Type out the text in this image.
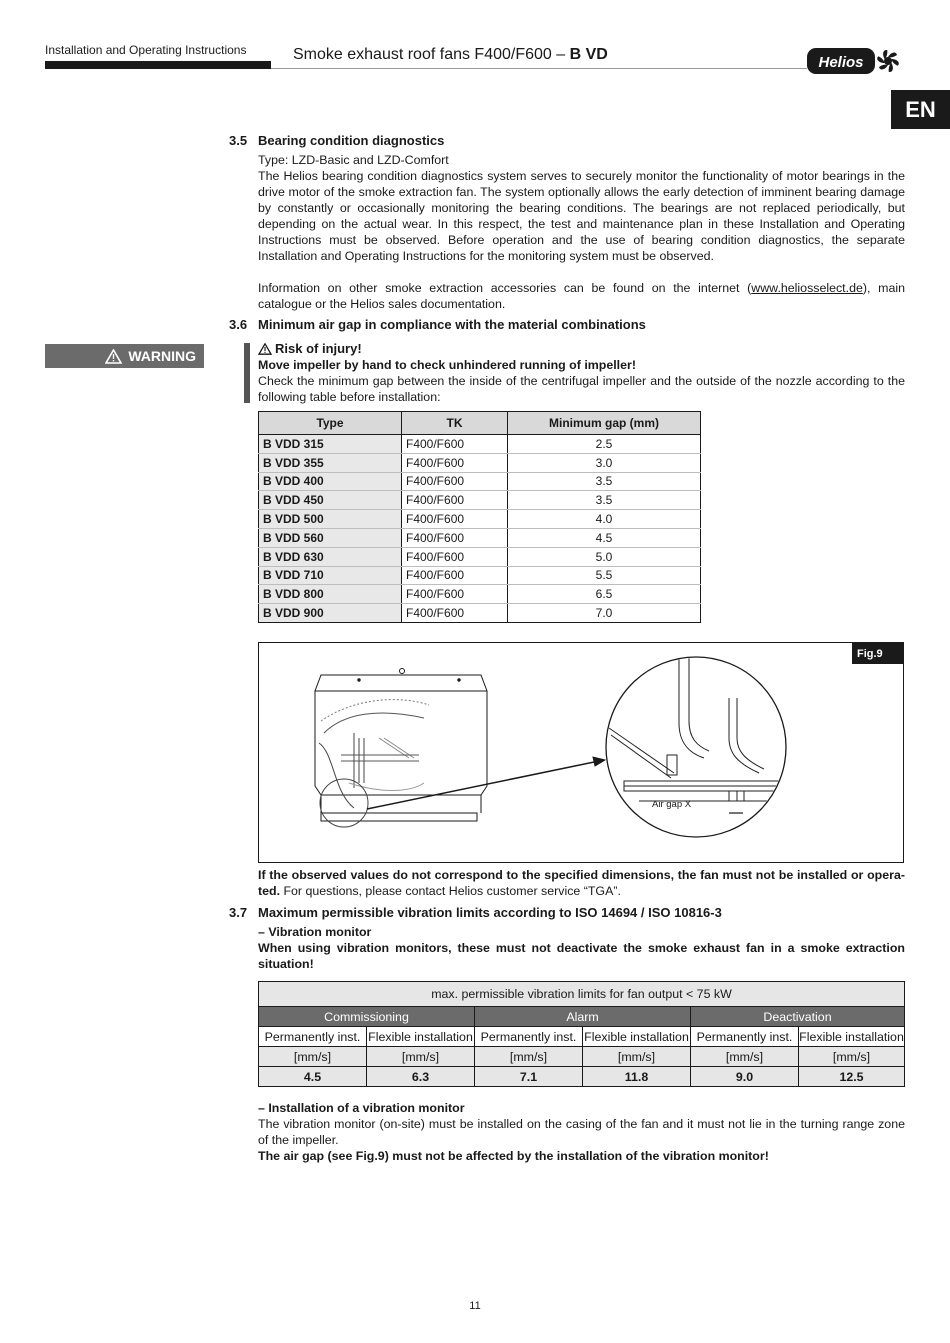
Installation and Operating Instructions	Smoke exhaust roof fans F400/F600 – B VD	Helios
EN
3.5 Bearing condition diagnostics
Type: LZD-Basic and LZD-Comfort
The Helios bearing condition diagnostics system serves to securely monitor the functionality of motor bearings in the drive motor of the smoke extraction fan. The system optionally allows the early detection of imminent bearing damage by constantly or occasionally monitoring the bearing conditions. The bearings are not replaced periodically, but depending on the actual wear. In this respect, the test and maintenance plan in these Installation and Operating Instructions must be observed. Before operation and the use of bearing condition diagnostics, the separate Installation and Operating Instructions for the monitoring system must be observed.
Information on other smoke extraction accessories can be found on the internet (www.heliosselect.de), main catalogue or the Helios sales documentation.
3.6 Minimum air gap in compliance with the material combinations
WARNING	Risk of injury!
Move impeller by hand to check unhindered running of impeller!
Check the minimum gap between the inside of the centrifugal impeller and the outside of the nozzle according to the following table before installation:
Type	TK	Minimum gap (mm)
B VDD 315	F400/F600	2.5
B VDD 355	F400/F600	3.0
B VDD 400	F400/F600	3.5
B VDD 450	F400/F600	3.5
B VDD 500	F400/F600	4.0
B VDD 560	F400/F600	4.5
B VDD 630	F400/F600	5.0
B VDD 710	F400/F600	5.5
B VDD 800	F400/F600	6.5
B VDD 900	F400/F600	7.0
Air gap X
Fig.9
If the observed values do not correspond to the specified dimensions, the fan must not be installed or operated. For questions, please contact Helios customer service “TGA”.
3.7 Maximum permissible vibration limits according to ISO 14694 / ISO 10816-3
– Vibration monitor
When using vibration monitors, these must not deactivate the smoke exhaust fan in a smoke extraction situation!
max. permissible vibration limits for fan output < 75 kW					
Commissioning		Alarm		Deactivation	
Permanently inst.	Flexible installation	Permanently inst.	Flexible installation	Permanently inst.	Flexible installation
[mm/s]	[mm/s]	[mm/s]	[mm/s]	[mm/s]	[mm/s]
4.5	6.3	7.1	11.8	9.0	12.5
– Installation of a vibration monitor
The vibration monitor (on-site) must be installed on the casing of the fan and it must not lie in the turning range zone of the impeller.
The air gap (see Fig.9) must not be affected by the installation of the vibration monitor!
11
